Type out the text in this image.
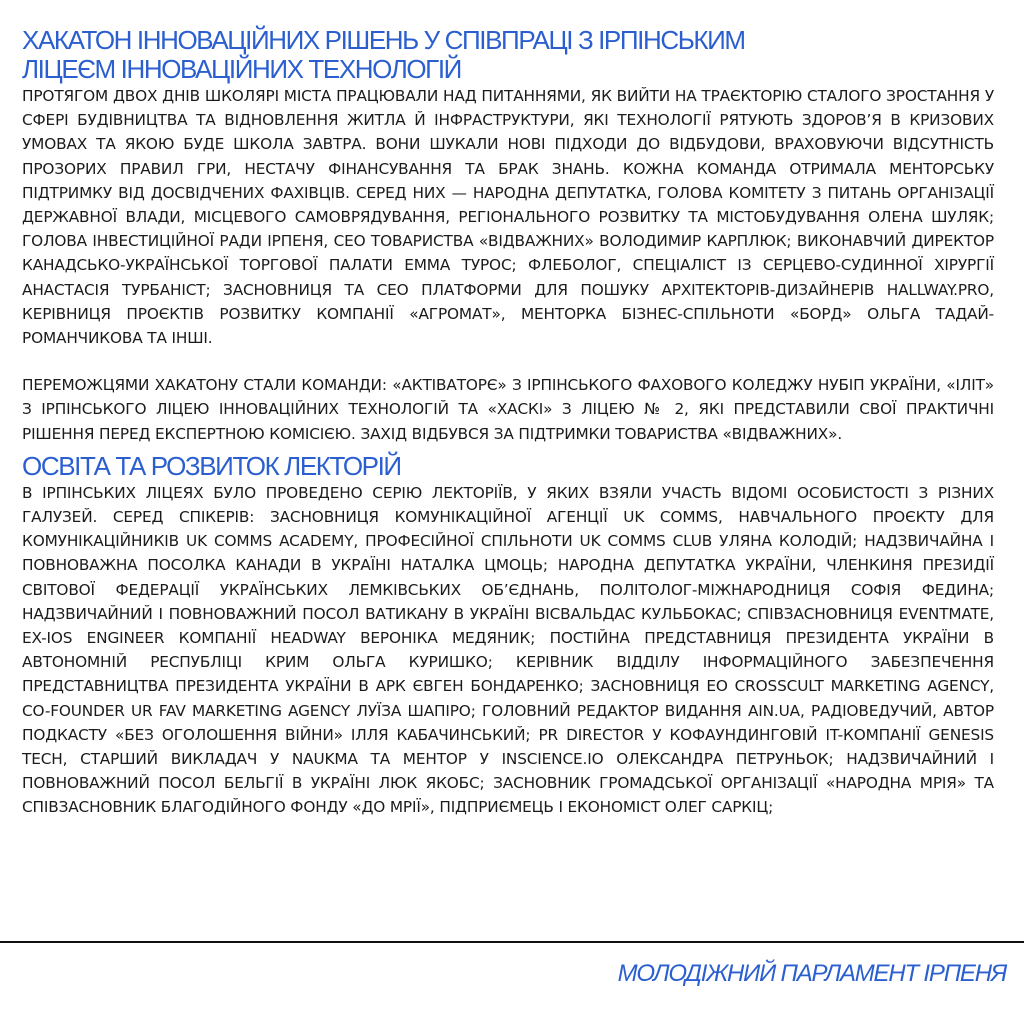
ХАКАТОН ІННОВАЦІЙНИХ РІШЕНЬ У СПІВПРАЦІ З ІРПІНСЬКИМ ЛІЦЕЄМ ІННОВАЦІЙНИХ ТЕХНОЛОГІЙ

ПРОТЯГОМ ДВОХ ДНІВ ШКОЛЯРІ МІСТА ПРАЦЮВАЛИ НАД ПИТАННЯМИ, ЯК ВИЙТИ НА ТРАЄКТОРІЮ СТАЛОГО ЗРОСТАННЯ У СФЕРІ БУДІВНИЦТВА ТА ВІДНОВЛЕННЯ ЖИТЛА Й ІНФРАСТРУКТУРИ, ЯКІ ТЕХНОЛОГІЇ РЯТУЮТЬ ЗДОРОВ’Я В КРИЗОВИХ УМОВАХ ТА ЯКОЮ БУДЕ ШКОЛА ЗАВТРА. ВОНИ ШУКАЛИ НОВІ ПІДХОДИ ДО ВІДБУДОВИ, ВРАХОВУЮЧИ ВІДСУТНІСТЬ ПРОЗОРИХ ПРАВИЛ ГРИ, НЕСТАЧУ ФІНАНСУВАННЯ ТА БРАК ЗНАНЬ. КОЖНА КОМАНДА ОТРИМАЛА МЕНТОРСЬКУ ПІДТРИМКУ ВІД ДОСВІДЧЕНИХ ФАХІВЦІВ. СЕРЕД НИХ — НАРОДНА ДЕПУТАТКА, ГОЛОВА КОМІТЕТУ З ПИТАНЬ ОРГАНІЗАЦІЇ ДЕРЖАВНОЇ ВЛАДИ, МІСЦЕВОГО САМОВРЯДУВАННЯ, РЕГІОНАЛЬНОГО РОЗВИТКУ ТА МІСТОБУДУВАННЯ ОЛЕНА ШУЛЯК; ГОЛОВА ІНВЕСТИЦІЙНОЇ РАДИ ІРПЕНЯ, CEO ТОВАРИСТВА «ВІДВАЖНИХ» ВОЛОДИМИР КАРПЛЮК; ВИКОНАВЧИЙ ДИРЕКТОР КАНАДСЬКО-УКРАЇНСЬКОЇ ТОРГОВОЇ ПАЛАТИ ЕММА ТУРОС; ФЛЕБОЛОГ, СПЕЦІАЛІСТ ІЗ СЕРЦЕВО-СУДИННОЇ ХІРУРГІЇ АНАСТАСІЯ ТУРБАНІСТ; ЗАСНОВНИЦЯ ТА CEO ПЛАТФОРМИ ДЛЯ ПОШУКУ АРХІТЕКТОРІВ-ДИЗАЙНЕРІВ HALLWAY.PRO, КЕРІВНИЦЯ ПРОЄКТІВ РОЗВИТКУ КОМПАНІЇ «АГРОМАТ», МЕНТОРКА БІЗНЕС-СПІЛЬНОТИ «БОРД» ОЛЬГА ТАДАЙ-РОМАНЧИКОВА ТА ІНШІ.

ПЕРЕМОЖЦЯМИ ХАКАТОНУ СТАЛИ КОМАНДИ: «АКТІВАТОРЄ» З ІРПІНСЬКОГО ФАХОВОГО КОЛЕДЖУ НУБІП УКРАЇНИ, «ІЛІТ» З ІРПІНСЬКОГО ЛІЦЕЮ ІННОВАЦІЙНИХ ТЕХНОЛОГІЙ ТА «ХАСКІ» З ЛІЦЕЮ № 2, ЯКІ ПРЕДСТАВИЛИ СВОЇ ПРАКТИЧНІ РІШЕННЯ ПЕРЕД ЕКСПЕРТНОЮ КОМІСІЄЮ. ЗАХІД ВІДБУВСЯ ЗА ПІДТРИМКИ ТОВАРИСТВА «ВІДВАЖНИХ».

ОСВІТА ТА РОЗВИТОК ЛЕКТОРІЙ

В ІРПІНСЬКИХ ЛІЦЕЯХ БУЛО ПРОВЕДЕНО СЕРІЮ ЛЕКТОРІЇВ, У ЯКИХ ВЗЯЛИ УЧАСТЬ ВІДОМІ ОСОБИСТОСТІ З РІЗНИХ ГАЛУЗЕЙ. СЕРЕД СПІКЕРІВ: ЗАСНОВНИЦЯ КОМУНІКАЦІЙНОЇ АГЕНЦІЇ UK COMMS, НАВЧАЛЬНОГО ПРОЄКТУ ДЛЯ КОМУНІКАЦІЙНИКІВ UK COMMS ACADEMY, ПРОФЕСІЙНОЇ СПІЛЬНОТИ UK COMMS CLUB УЛЯНА КОЛОДІЙ; НАДЗВИЧАЙНА І ПОВНОВАЖНА ПОСОЛКА КАНАДИ В УКРАЇНІ НАТАЛКА ЦМОЦЬ; НАРОДНА ДЕПУТАТКА УКРАЇНИ, ЧЛЕНКИНЯ ПРЕЗИДІЇ СВІТОВОЇ ФЕДЕРАЦІЇ УКРАЇНСЬКИХ ЛЕМКІВСЬКИХ ОБ’ЄДНАНЬ, ПОЛІТОЛОГ-МІЖНАРОДНИЦЯ СОФІЯ ФЕДИНА; НАДЗВИЧАЙНИЙ І ПОВНОВАЖНИЙ ПОСОЛ ВАТИКАНУ В УКРАЇНІ ВІСВАЛЬДАС КУЛЬБОКАС; СПІВЗАСНОВНИЦЯ EVENTMATE, EX-IOS ENGINEER КОМПАНІЇ HEADWAY ВЕРОНІКА МЕДЯНИК; ПОСТІЙНА ПРЕДСТАВНИЦЯ ПРЕЗИДЕНТА УКРАЇНИ В АВТОНОМНІЙ РЕСПУБЛІЦІ КРИМ ОЛЬГА КУРИШКО; КЕРІВНИК ВІДДІЛУ ІНФОРМАЦІЙНОГО ЗАБЕЗПЕЧЕННЯ ПРЕДСТАВНИЦТВА ПРЕЗИДЕНТА УКРАЇНИ В АРК ЄВГЕН БОНДАРЕНКО; ЗАСНОВНИЦЯ ЕО CROSSCULT MARKETING AGENCY, CO-FOUNDER UR FAV MARKETING AGENCY ЛУЇЗА ШАПІРО; ГОЛОВНИЙ РЕДАКТОР ВИДАННЯ AIN.UA, РАДІОВЕДУЧИЙ, АВТОР ПОДКАСТУ «БЕЗ ОГОЛОШЕННЯ ВІЙНИ» ІЛЛЯ КАБАЧИНСЬКИЙ; PR DIRECTOR У КОФАУНДИНГОВІЙ IT-КОМПАНІЇ GENESIS TECH, СТАРШИЙ ВИКЛАДАЧ У NAUKMA ТА МЕНТОР У INSCIENCE.IO ОЛЕКСАНДРА ПЕТРУНЬОК; НАДЗВИЧАЙНИЙ І ПОВНОВАЖНИЙ ПОСОЛ БЕЛЬГІЇ В УКРАЇНІ ЛЮК ЯКОБС; ЗАСНОВНИК ГРОМАДСЬКОЇ ОРГАНІЗАЦІЇ «НАРОДНА МРІЯ» ТА СПІВЗАСНОВНИК БЛАГОДІЙНОГО ФОНДУ «ДО МРІЇ», ПІДПРИЄМЕЦЬ І ЕКОНОМІСТ ОЛЕГ САРКІЦ;

МОЛОДІЖНИЙ ПАРЛАМЕНТ ІРПЕНЯ
